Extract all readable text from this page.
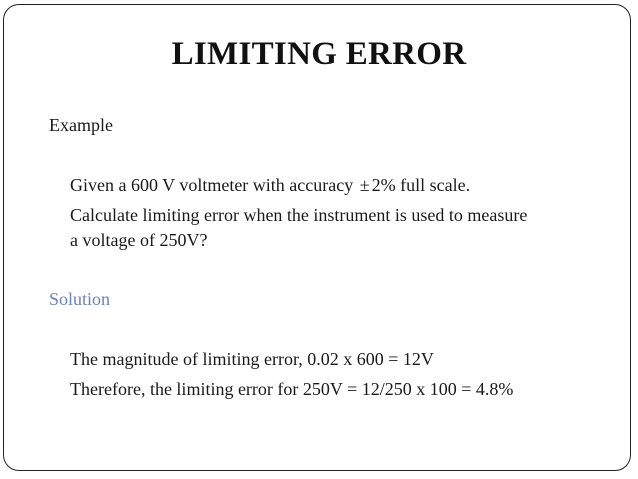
LIMITING ERROR
Example
Given a 600 V voltmeter with accuracy ± 2% full scale.
Calculate limiting error when the instrument is used to measure
a voltage of 250V?
Solution
The magnitude of limiting error, 0.02 x 600 = 12V
Therefore, the limiting error for 250V = 12/250 x 100 = 4.8%
